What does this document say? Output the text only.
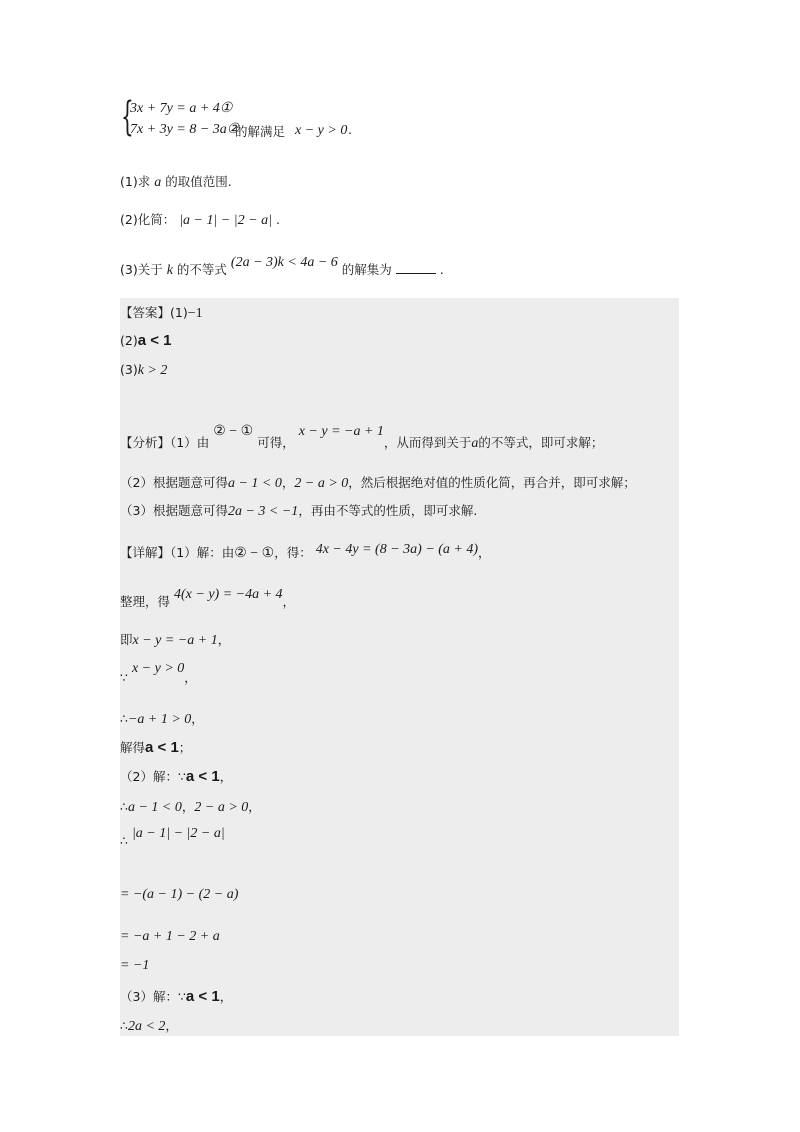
{
3x + 7y = a + 4①
7x + 3y = 8 − 3a②
的解满足 x − y > 0 .
(1)求 a 的取值范围.
(2)化简： |a − 1| − |2 − a| .
(3)关于 k 的不等式 (2a − 3)k < 4a − 6 的解集为	.
【答案】(1)−1
(2)a < 1
(3)k > 2
【分析】（1）由 ② − ① 可得， x − y = −a + 1，从而得到关于a的不等式，即可求解；
（2）根据题意可得a − 1 < 0，2 − a > 0，然后根据绝对值的性质化简，再合并，即可求解；
（3）根据题意可得2a − 3 < −1，再由不等式的性质，即可求解.
【详解】（1）解：由② − ①，得： 4x − 4y = (8 − 3a) − (a + 4)，
整理，得 4(x − y) = −4a + 4，
即x − y = −a + 1，
∵ x − y > 0，
∴−a + 1 > 0，
解得a < 1；
（2）解：∵a < 1，
∴a − 1 < 0，2 − a > 0，
∴ |a − 1| − |2 − a|
= −(a − 1) − (2 − a)
= −a + 1 − 2 + a
= −1
（3）解：∵a < 1，
∴2a < 2，
